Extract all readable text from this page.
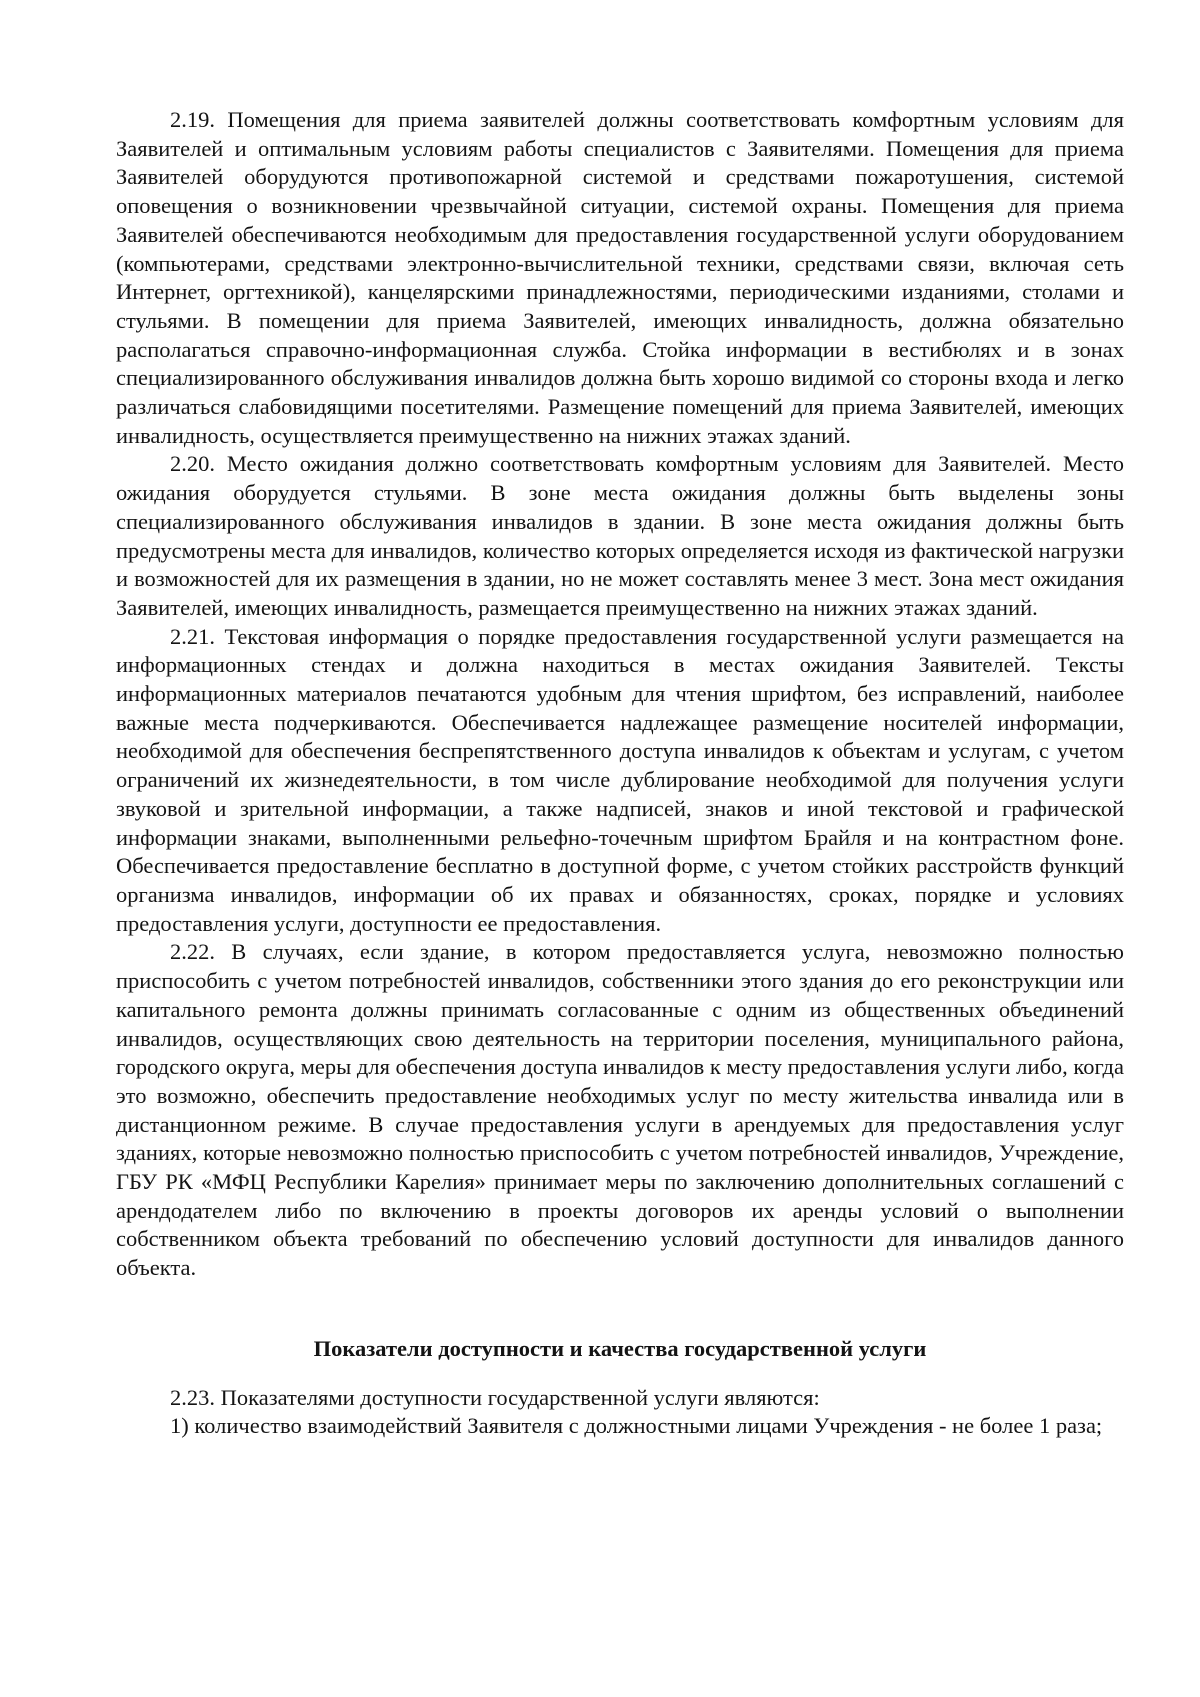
2.19. Помещения для приема заявителей должны соответствовать комфортным условиям для Заявителей и оптимальным условиям работы специалистов с Заявителями. Помещения для приема Заявителей оборудуются противопожарной системой и средствами пожаротушения, системой оповещения о возникновении чрезвычайной ситуации, системой охраны. Помещения для приема Заявителей обеспечиваются необходимым для предоставления государственной услуги оборудованием (компьютерами, средствами электронно-вычислительной техники, средствами связи, включая сеть Интернет, оргтехникой), канцелярскими принадлежностями, периодическими изданиями, столами и стульями. В помещении для приема Заявителей, имеющих инвалидность, должна обязательно располагаться справочно-информационная служба. Стойка информации в вестибюлях и в зонах специализированного обслуживания инвалидов должна быть хорошо видимой со стороны входа и легко различаться слабовидящими посетителями. Размещение помещений для приема Заявителей, имеющих инвалидность, осуществляется преимущественно на нижних этажах зданий.

2.20. Место ожидания должно соответствовать комфортным условиям для Заявителей. Место ожидания оборудуется стульями. В зоне места ожидания должны быть выделены зоны специализированного обслуживания инвалидов в здании. В зоне места ожидания должны быть предусмотрены места для инвалидов, количество которых определяется исходя из фактической нагрузки и возможностей для их размещения в здании, но не может составлять менее 3 мест. Зона мест ожидания Заявителей, имеющих инвалидность, размещается преимущественно на нижних этажах зданий.

2.21. Текстовая информация о порядке предоставления государственной услуги размещается на информационных стендах и должна находиться в местах ожидания Заявителей. Тексты информационных материалов печатаются удобным для чтения шрифтом, без исправлений, наиболее важные места подчеркиваются. Обеспечивается надлежащее размещение носителей информации, необходимой для обеспечения беспрепятственного доступа инвалидов к объектам и услугам, с учетом ограничений их жизнедеятельности, в том числе дублирование необходимой для получения услуги звуковой и зрительной информации, а также надписей, знаков и иной текстовой и графической информации знаками, выполненными рельефно-точечным шрифтом Брайля и на контрастном фоне. Обеспечивается предоставление бесплатно в доступной форме, с учетом стойких расстройств функций организма инвалидов, информации об их правах и обязанностях, сроках, порядке и условиях предоставления услуги, доступности ее предоставления.

2.22. В случаях, если здание, в котором предоставляется услуга, невозможно полностью приспособить с учетом потребностей инвалидов, собственники этого здания до его реконструкции или капитального ремонта должны принимать согласованные с одним из общественных объединений инвалидов, осуществляющих свою деятельность на территории поселения, муниципального района, городского округа, меры для обеспечения доступа инвалидов к месту предоставления услуги либо, когда это возможно, обеспечить предоставление необходимых услуг по месту жительства инвалида или в дистанционном режиме. В случае предоставления услуги в арендуемых для предоставления услуг зданиях, которые невозможно полностью приспособить с учетом потребностей инвалидов, Учреждение, ГБУ РК «МФЦ Республики Карелия» принимает меры по заключению дополнительных соглашений с арендодателем либо по включению в проекты договоров их аренды условий о выполнении собственником объекта требований по обеспечению условий доступности для инвалидов данного объекта.

Показатели доступности и качества государственной услуги

2.23. Показателями доступности государственной услуги являются:

1) количество взаимодействий Заявителя с должностными лицами Учреждения - не более 1 раза;
